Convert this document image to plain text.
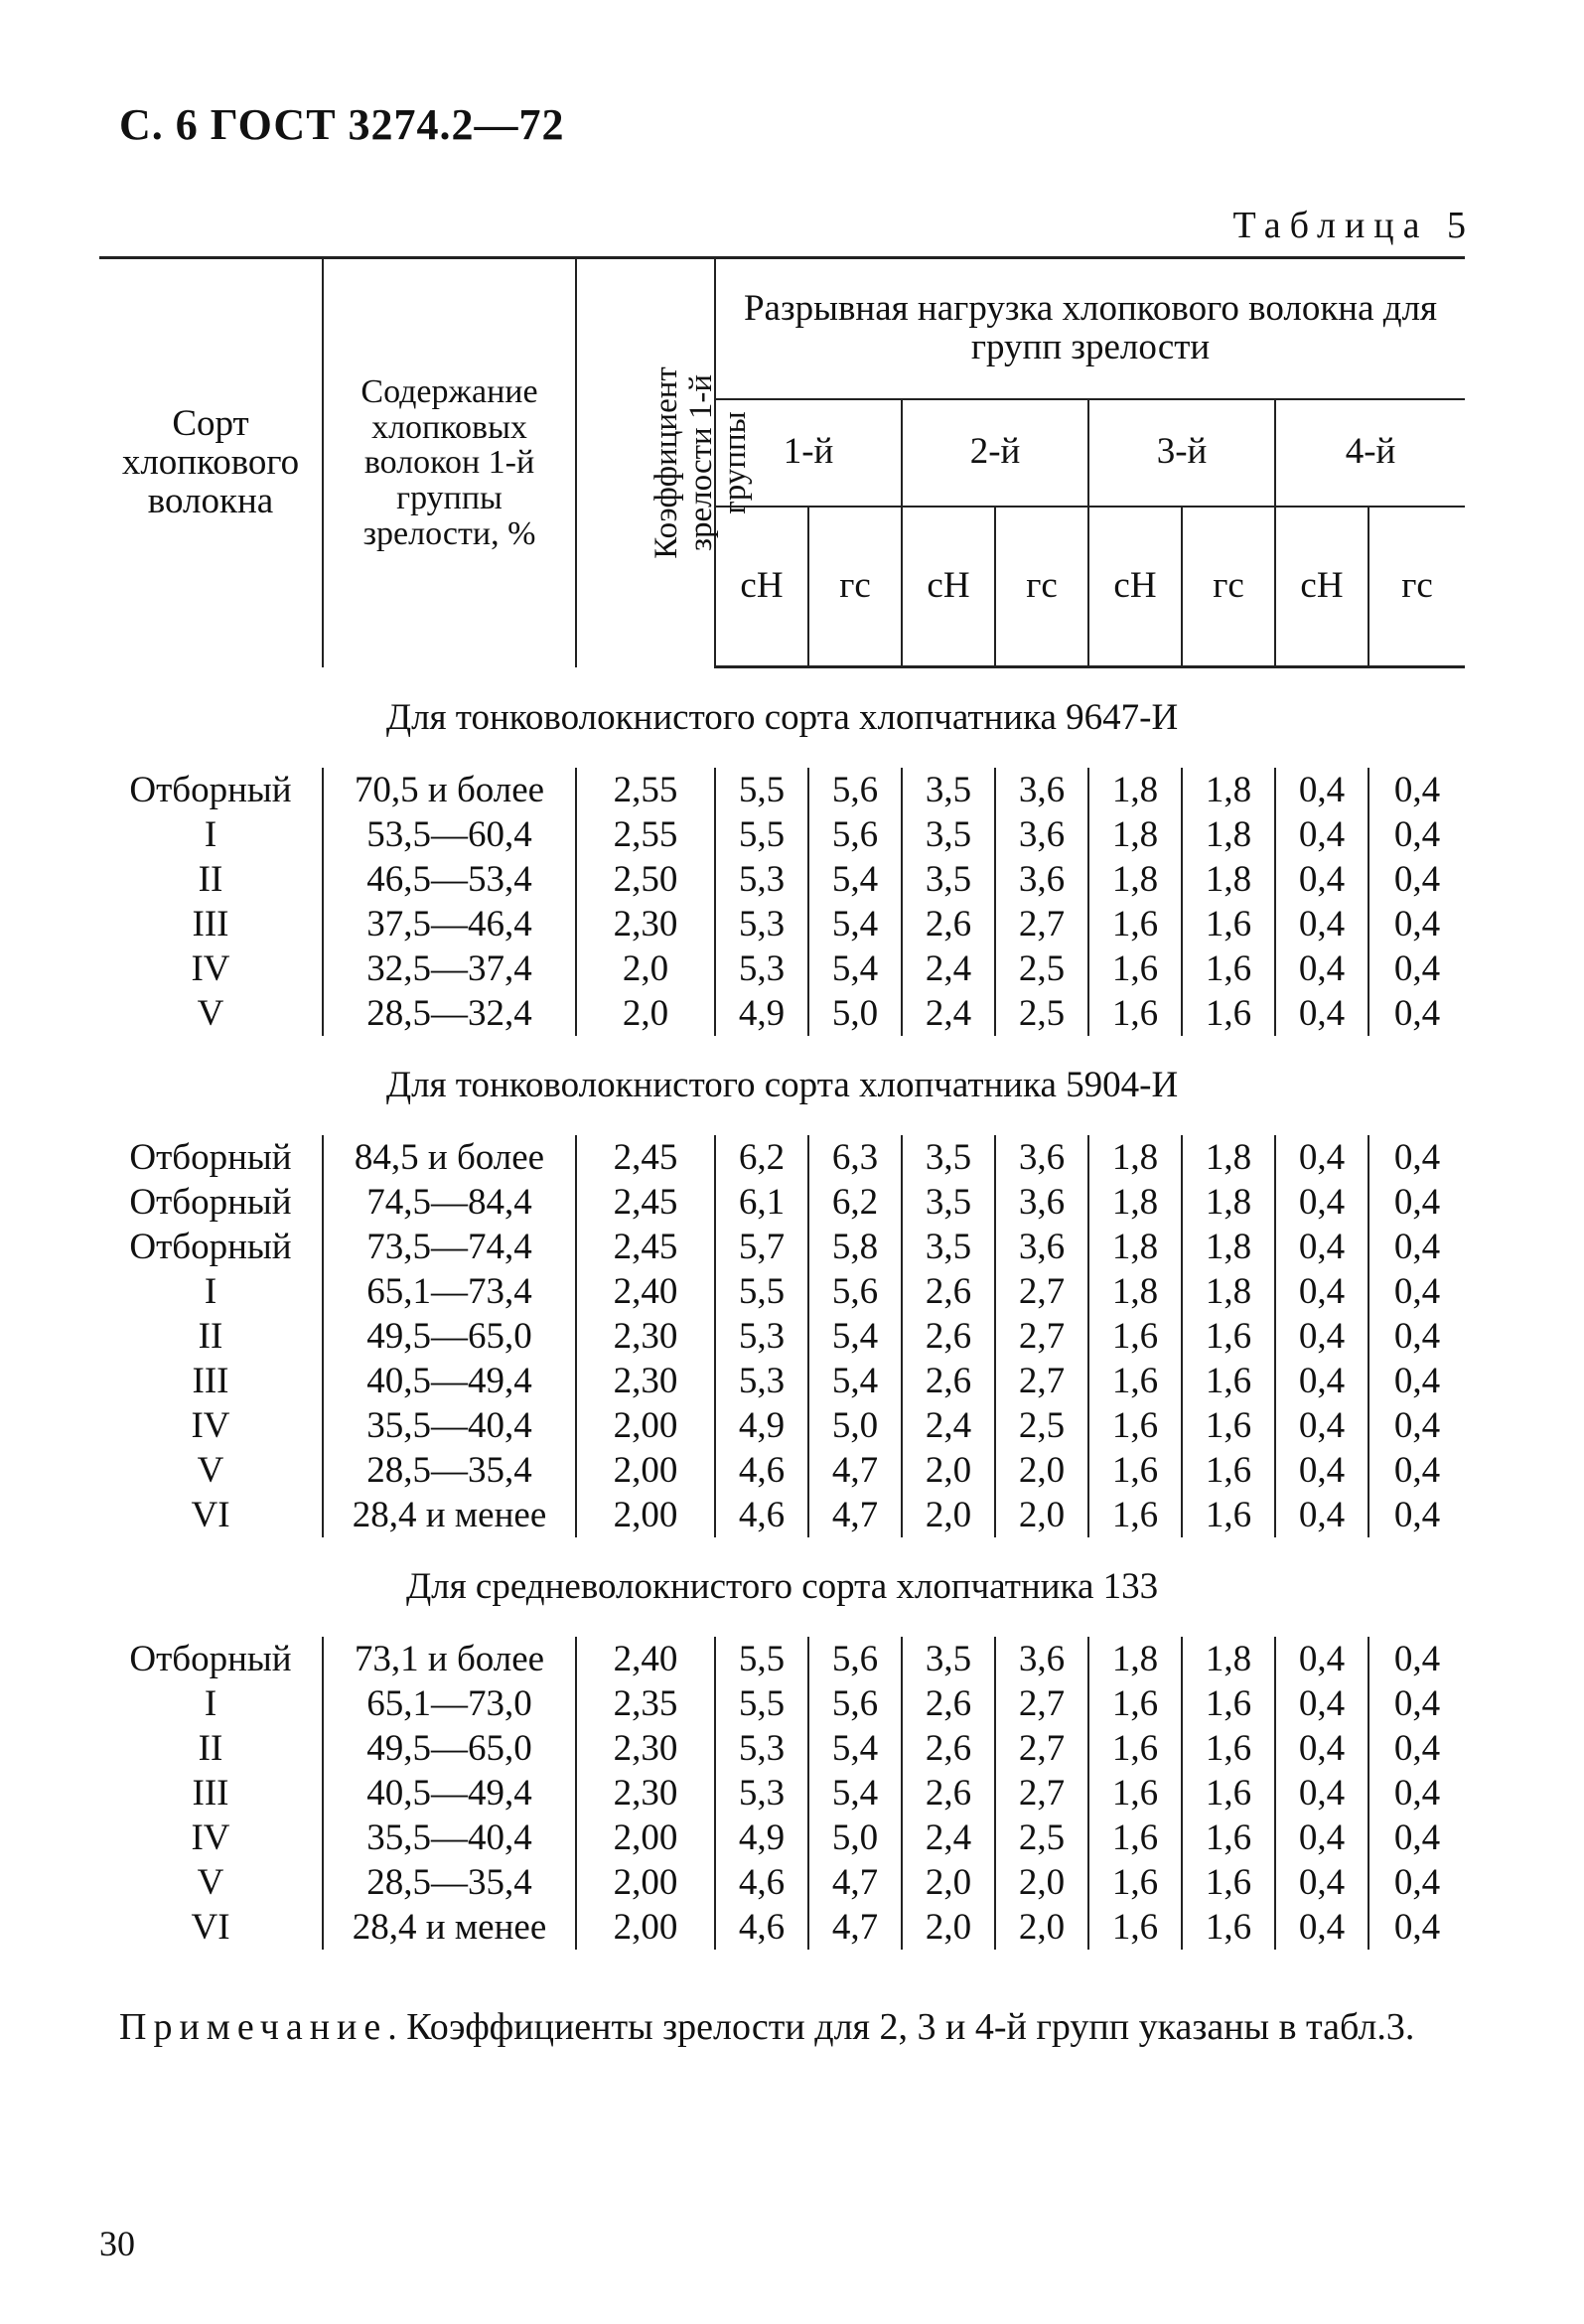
С. 6 ГОСТ 3274.2—72
Таблица 5
Сорт хлопкового волокна	Содержание хлопковых волокон 1-й группы зрелости, %	Коэффициент зрелости 1-й группы	Разрывная нагрузка хлопкового волокна для групп зрелости							
			1-й		2-й		3-й		4-й	
			сН	гс	сН	гс	сН	гс	сН	гс
Для тонковолокнистого сорта хлопчатника 9647-И										
Отборный	70,5 и более	2,55	5,5	5,6	3,5	3,6	1,8	1,8	0,4	0,4
I	53,5—60,4	2,55	5,5	5,6	3,5	3,6	1,8	1,8	0,4	0,4
II	46,5—53,4	2,50	5,3	5,4	3,5	3,6	1,8	1,8	0,4	0,4
III	37,5—46,4	2,30	5,3	5,4	2,6	2,7	1,6	1,6	0,4	0,4
IV	32,5—37,4	2,0	5,3	5,4	2,4	2,5	1,6	1,6	0,4	0,4
V	28,5—32,4	2,0	4,9	5,0	2,4	2,5	1,6	1,6	0,4	0,4
Для тонковолокнистого сорта хлопчатника 5904-И										
Отборный	84,5 и более	2,45	6,2	6,3	3,5	3,6	1,8	1,8	0,4	0,4
Отборный	74,5—84,4	2,45	6,1	6,2	3,5	3,6	1,8	1,8	0,4	0,4
Отборный	73,5—74,4	2,45	5,7	5,8	3,5	3,6	1,8	1,8	0,4	0,4
I	65,1—73,4	2,40	5,5	5,6	2,6	2,7	1,8	1,8	0,4	0,4
II	49,5—65,0	2,30	5,3	5,4	2,6	2,7	1,6	1,6	0,4	0,4
III	40,5—49,4	2,30	5,3	5,4	2,6	2,7	1,6	1,6	0,4	0,4
IV	35,5—40,4	2,00	4,9	5,0	2,4	2,5	1,6	1,6	0,4	0,4
V	28,5—35,4	2,00	4,6	4,7	2,0	2,0	1,6	1,6	0,4	0,4
VI	28,4 и менее	2,00	4,6	4,7	2,0	2,0	1,6	1,6	0,4	0,4
Для средневолокнистого сорта хлопчатника 133										
Отборный	73,1 и более	2,40	5,5	5,6	3,5	3,6	1,8	1,8	0,4	0,4
I	65,1—73,0	2,35	5,5	5,6	2,6	2,7	1,6	1,6	0,4	0,4
II	49,5—65,0	2,30	5,3	5,4	2,6	2,7	1,6	1,6	0,4	0,4
III	40,5—49,4	2,30	5,3	5,4	2,6	2,7	1,6	1,6	0,4	0,4
IV	35,5—40,4	2,00	4,9	5,0	2,4	2,5	1,6	1,6	0,4	0,4
V	28,5—35,4	2,00	4,6	4,7	2,0	2,0	1,6	1,6	0,4	0,4
VI	28,4 и менее	2,00	4,6	4,7	2,0	2,0	1,6	1,6	0,4	0,4
Примечание. Коэффициенты зрелости для 2, 3 и 4-й групп указаны в табл.3.
30
